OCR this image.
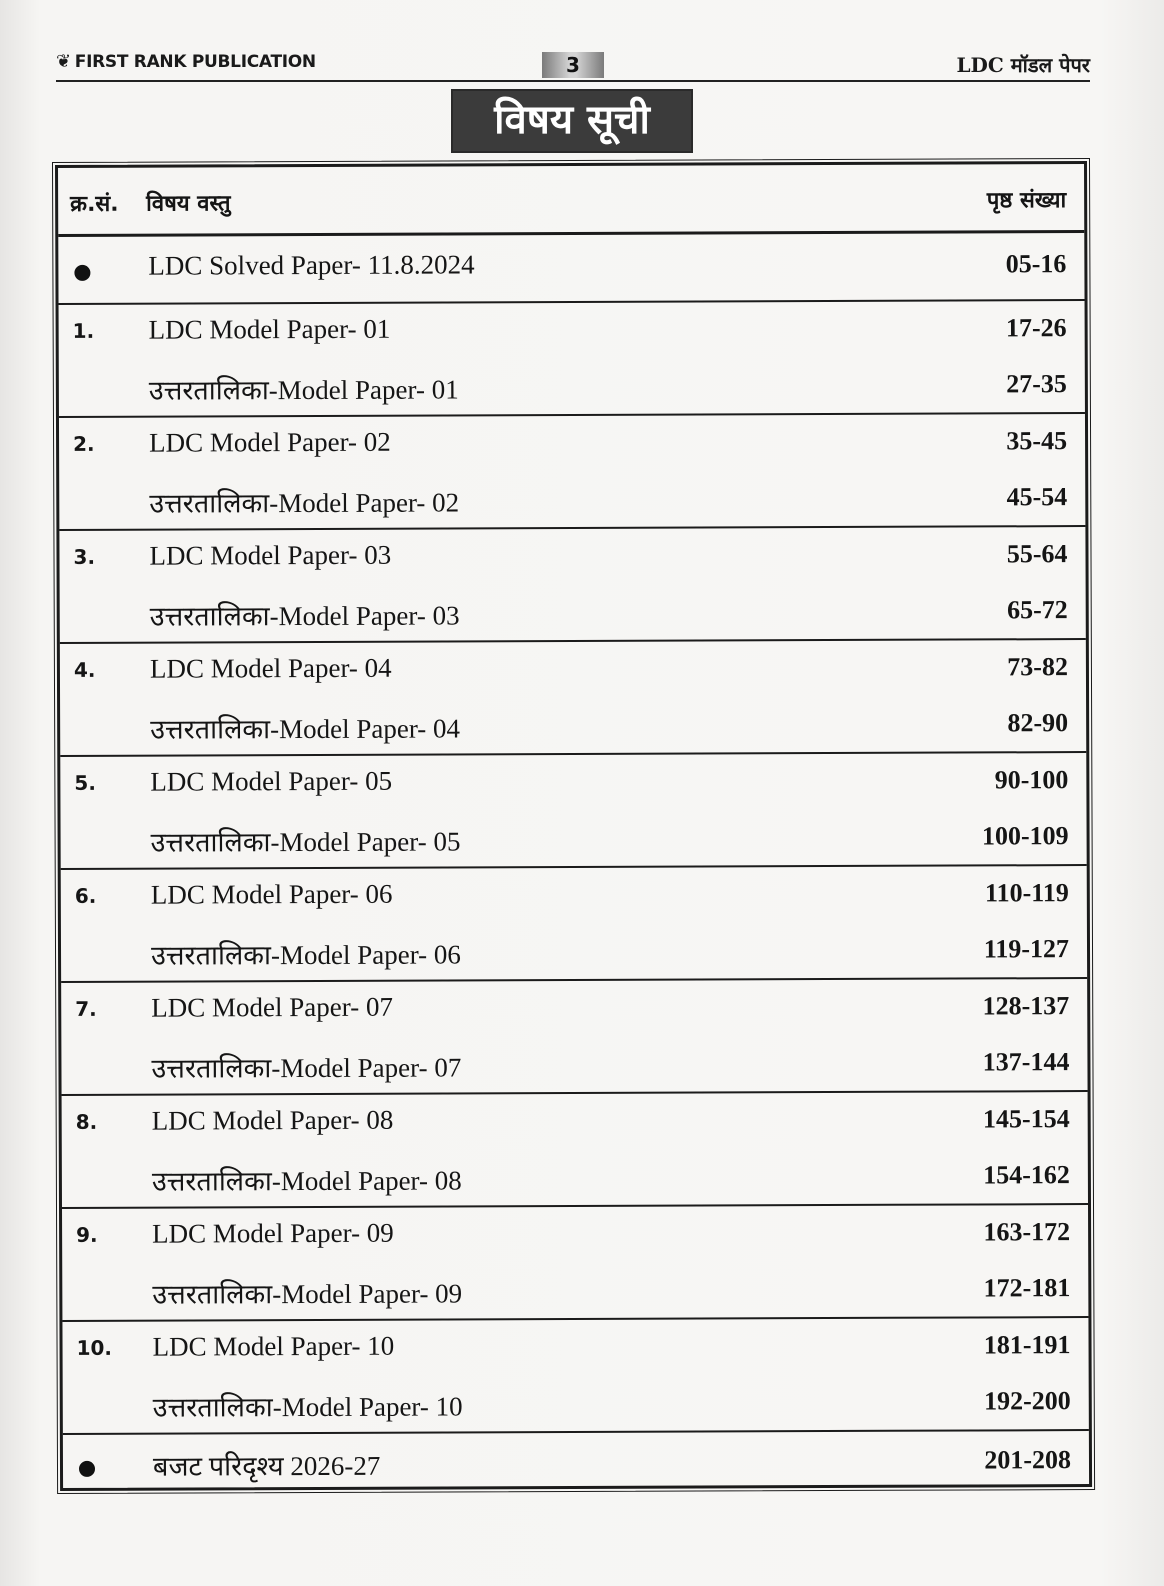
❦ FIRST RANK PUBLICATION	3	LDC मॉडल पेपर
विषय सूची
क्र.सं. विषय वस्तु	पृष्ठ संख्या
LDC Solved Paper- 11.8.2024	05-16
1. LDC Model Paper- 01	17-26
उत्तरतालिका-Model Paper- 01	27-35
2. LDC Model Paper- 02	35-45
उत्तरतालिका-Model Paper- 02	45-54
3. LDC Model Paper- 03	55-64
उत्तरतालिका-Model Paper- 03	65-72
4. LDC Model Paper- 04	73-82
उत्तरतालिका-Model Paper- 04	82-90
5. LDC Model Paper- 05	90-100
उत्तरतालिका-Model Paper- 05	100-109
6. LDC Model Paper- 06	110-119
उत्तरतालिका-Model Paper- 06	119-127
7. LDC Model Paper- 07	128-137
उत्तरतालिका-Model Paper- 07	137-144
8. LDC Model Paper- 08	145-154
उत्तरतालिका-Model Paper- 08	154-162
9. LDC Model Paper- 09	163-172
उत्तरतालिका-Model Paper- 09	172-181
10. LDC Model Paper- 10	181-191
उत्तरतालिका-Model Paper- 10	192-200
बजट परिदृश्य 2026-27	201-208
